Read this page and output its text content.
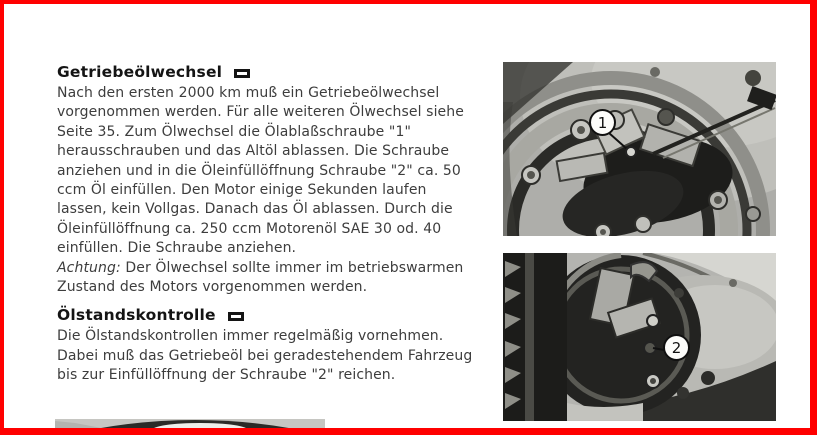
Getriebeölwechsel
Nach den ersten 2000 km muß ein Getriebeölwechsel
vorgenommen werden. Für alle weiteren Ölwechsel siehe
Seite 35. Zum Ölwechsel die Ölablaßschraube "1"
herausschrauben und das Altöl ablassen. Die Schraube
anziehen und in die Öleinfüllöffnung Schraube "2" ca. 50
ccm Öl einfüllen. Den Motor einige Sekunden laufen
lassen, kein Vollgas. Danach das Öl ablassen. Durch die
Öleinfüllöffnung ca. 250 ccm Motorenöl SAE 30 od. 40
einfüllen. Die Schraube anziehen.
Achtung: Der Ölwechsel sollte immer im betriebswarmen
Zustand des Motors vorgenommen werden.
Ölstandskontrolle
Die Ölstandskontrollen immer regelmäßig vornehmen.
Dabei muß das Getriebeöl bei geradestehendem Fahrzeug
bis zur Einfüllöffnung der Schraube "2" reichen.
1
2
